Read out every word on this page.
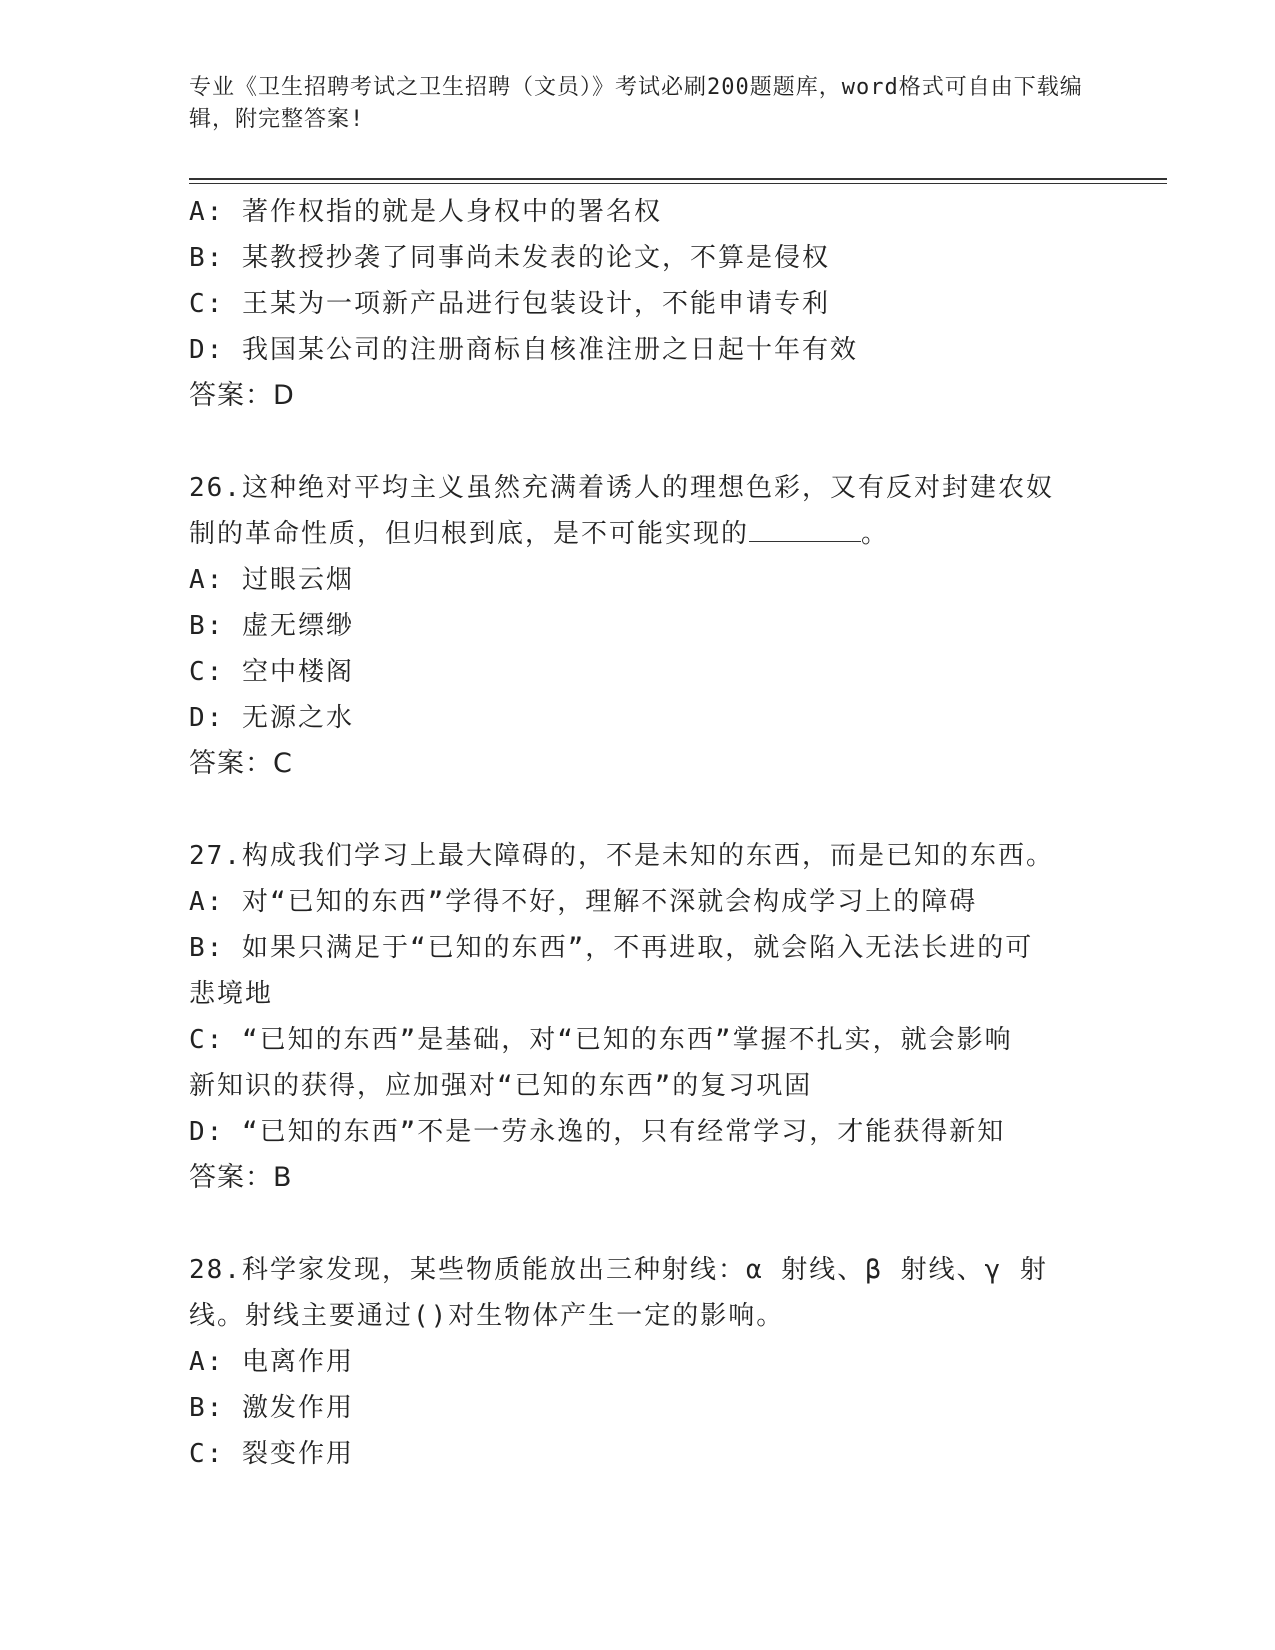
专业《卫生招聘考试之卫生招聘（文员）》考试必刷200题题库，word格式可自由下载编辑，附完整答案!
A: 著作权指的就是人身权中的署名权
B: 某教授抄袭了同事尚未发表的论文，不算是侵权
C: 王某为一项新产品进行包装设计，不能申请专利
D: 我国某公司的注册商标自核准注册之日起十年有效
答案：D
26.这种绝对平均主义虽然充满着诱人的理想色彩，又有反对封建农奴
制的革命性质，但归根到底，是不可能实现的	。
A: 过眼云烟
B: 虚无缥缈
C: 空中楼阁
D: 无源之水
答案：C
27.构成我们学习上最大障碍的，不是未知的东西，而是已知的东西。
A: 对“已知的东西”学得不好，理解不深就会构成学习上的障碍
B: 如果只满足于“已知的东西”，不再进取，就会陷入无法长进的可
悲境地
C: “已知的东西”是基础，对“已知的东西”掌握不扎实，就会影响
新知识的获得，应加强对“已知的东西”的复习巩固
D: “已知的东西”不是一劳永逸的，只有经常学习，才能获得新知
答案：B
28.科学家发现，某些物质能放出三种射线：α 射线、β 射线、γ 射
线。射线主要通过()对生物体产生一定的影响。
A: 电离作用
B: 激发作用
C: 裂变作用
